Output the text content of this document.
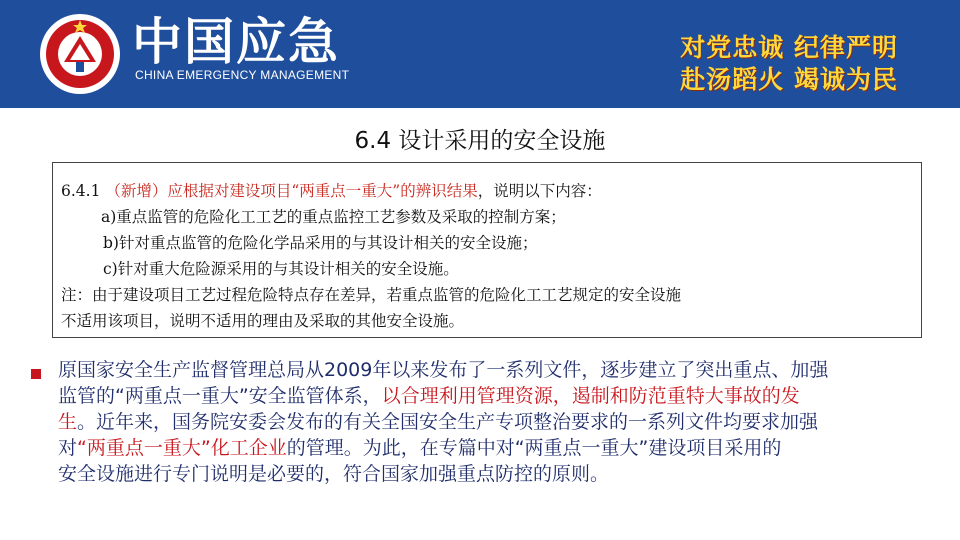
中国应急
CHINA EMERGENCY MANAGEMENT
对党忠诚 纪律严明
赴汤蹈火 竭诚为民
6.4 设计采用的安全设施
6.4.1 （新增）应根据对建设项目“两重点一重大”的辨识结果，说明以下内容：
a)重点监管的危险化工工艺的重点监控工艺参数及采取的控制方案；
b)针对重点监管的危险化学品采用的与其设计相关的安全设施；
c)针对重大危险源采用的与其设计相关的安全设施。
注：由于建设项目工艺过程危险特点存在差异，若重点监管的危险化工工艺规定的安全设施
不适用该项目，说明不适用的理由及采取的其他安全设施。
原国家安全生产监督管理总局从2009年以来发布了一系列文件，逐步建立了突出重点、加强
监管的“两重点一重大”安全监管体系，以合理利用管理资源，遏制和防范重特大事故的发
生。近年来，国务院安委会发布的有关全国安全生产专项整治要求的一系列文件均要求加强
对“两重点一重大”化工企业的管理。为此，在专篇中对“两重点一重大”建设项目采用的
安全设施进行专门说明是必要的，符合国家加强重点防控的原则。
